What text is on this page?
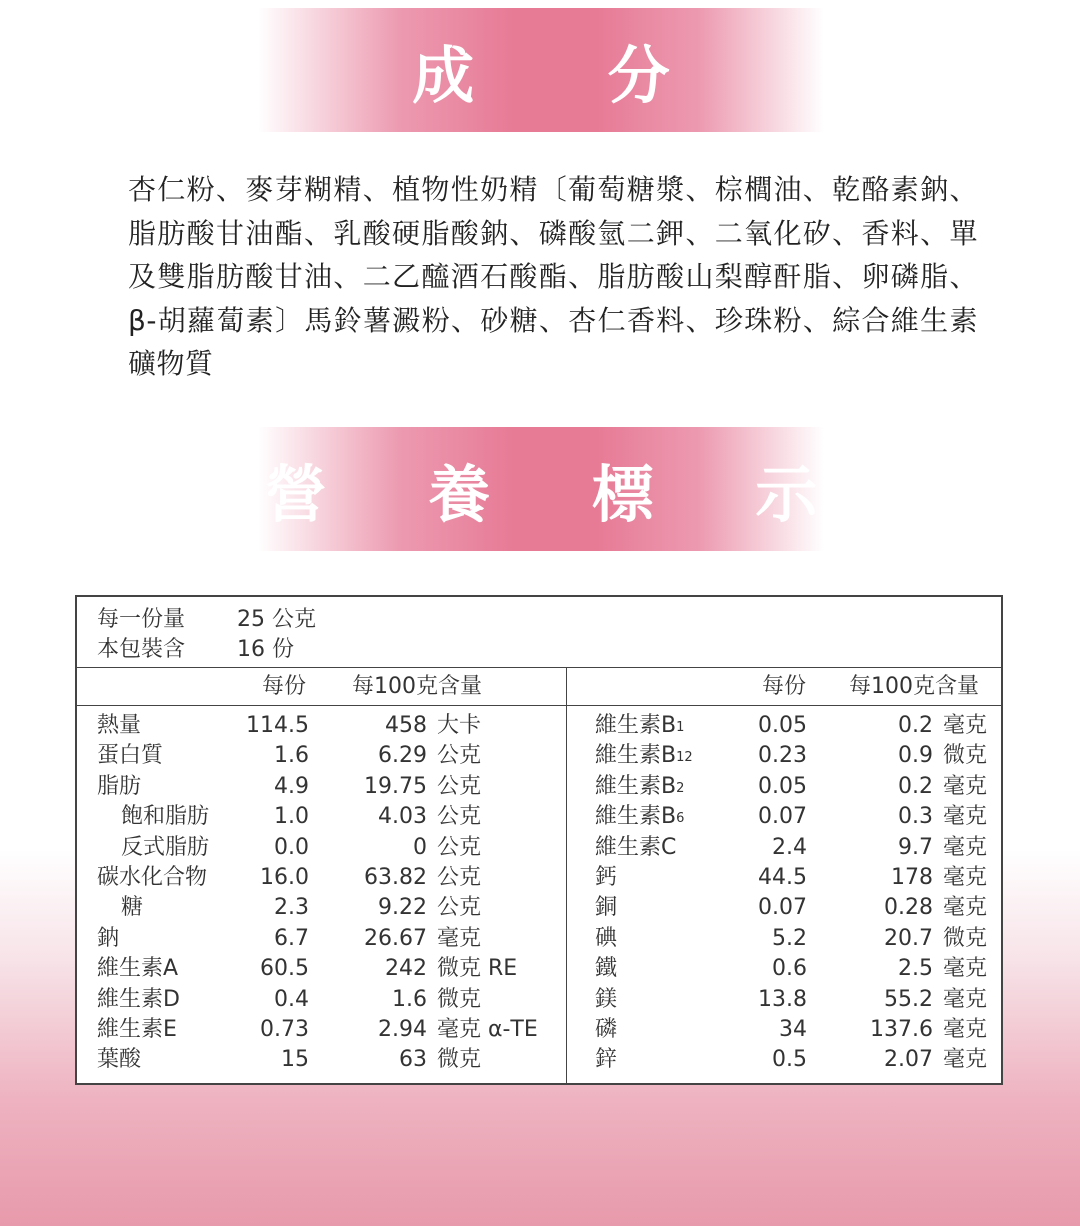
成 分
杏仁粉、麥芽糊精、植物性奶精〔葡萄糖漿、棕櫚油、乾酪素鈉、脂肪酸甘油酯、乳酸硬脂酸鈉、磷酸氫二鉀、二氧化矽、香料、單及雙脂肪酸甘油、二乙醯酒石酸酯、脂肪酸山梨醇酐脂、卵磷脂、β-胡蘿蔔素〕馬鈴薯澱粉、砂糖、杏仁香料、珍珠粉、綜合維生素礦物質
營 養 標 示
每一份量	25 公克
本包裝含	16 份
每份 每100克含量	每份 每100克含量
熱量	114.5	458 大卡
蛋白質	1.6	6.29 公克
脂肪	4.9	19.75 公克
飽和脂肪	1.0	4.03 公克
反式脂肪	0.0	0 公克
碳水化合物	16.0	63.82 公克
糖	2.3	9.22 公克
鈉	6.7	26.67 毫克
維生素A	60.5	242 微克 RE
維生素D	0.4	1.6 微克
維生素E	0.73	2.94 毫克 α-TE
葉酸	15	63 微克
維生素$B_1$	0.05	0.2 毫克
維生素$B_{12}$	0.23	0.9 微克
維生素$B_2$	0.05	0.2 毫克
維生素$B_6$	0.07	0.3 毫克
維生素C	2.4	9.7 毫克
鈣	44.5	178 毫克
銅	0.07	0.28 毫克
碘	5.2	20.7 微克
鐵	0.6	2.5 毫克
鎂	13.8	55.2 毫克
磷	34	137.6 毫克
鋅	0.5	2.07 毫克
